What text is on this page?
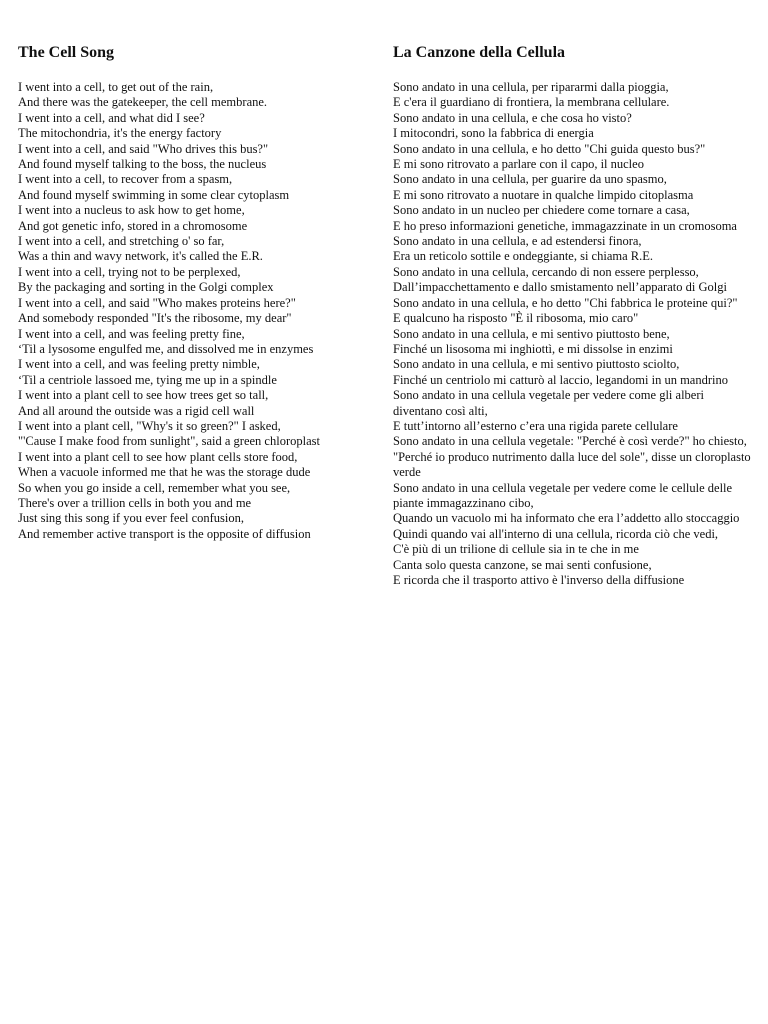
The Cell Song
I went into a cell, to get out of the rain,
And there was the gatekeeper, the cell membrane.
I went into a cell, and what did I see?
The mitochondria, it's the energy factory
I went into a cell, and said "Who drives this bus?"
And found myself talking to the boss, the nucleus
I went into a cell, to recover from a spasm,
And found myself swimming in some clear cytoplasm
I went into a nucleus to ask how to get home,
And got genetic info, stored in a chromosome
I went into a cell, and stretching o' so far,
Was a thin and wavy network, it's called the E.R.
I went into a cell, trying not to be perplexed,
By the packaging and sorting in the Golgi complex
I went into a cell, and said "Who makes proteins here?"
And somebody responded "It's the ribosome, my dear"
I went into a cell, and was feeling pretty fine,
‘Til a lysosome engulfed me, and dissolved me in enzymes
I went into a cell, and was feeling pretty nimble,
‘Til a centriole lassoed me, tying me up in a spindle
I went into a plant cell to see how trees get so tall,
And all around the outside was a rigid cell wall
I went into a plant cell, "Why's it so green?" I asked,
"'Cause I make food from sunlight", said a green chloroplast
I went into a plant cell to see how plant cells store food,
When a vacuole informed me that he was the storage dude
So when you go inside a cell, remember what you see,
There's over a trillion cells in both you and me
Just sing this song if you ever feel confusion,
And remember active transport is the opposite of diffusion
La Canzone della Cellula
Sono andato in una cellula, per ripararmi dalla pioggia,
E c'era il guardiano di frontiera, la membrana cellulare.
Sono andato in una cellula, e che cosa ho visto?
I mitocondri, sono la fabbrica di energia
Sono andato in una cellula, e ho detto "Chi guida questo bus?"
E mi sono ritrovato a parlare con il capo, il nucleo
Sono andato in una cellula, per guarire da uno spasmo,
E mi sono ritrovato a nuotare in qualche limpido citoplasma
Sono andato in un nucleo per chiedere come tornare a casa,
E ho preso informazioni genetiche, immagazzinate in un cromosoma
Sono andato in una cellula, e ad estendersi finora,
Era un reticolo sottile e ondeggiante, si chiama R.E.
Sono andato in una cellula, cercando di non essere perplesso,
Dall’impacchettamento e dallo smistamento nell’apparato di Golgi
Sono andato in una cellula, e ho detto "Chi fabbrica le proteine qui?"
E qualcuno ha risposto "È il ribosoma, mio caro"
Sono andato in una cellula, e mi sentivo piuttosto bene,
Finché un lisosoma mi inghiottì, e mi dissolse in enzimi
Sono andato in una cellula, e mi sentivo piuttosto sciolto,
Finché un centriolo mi catturò al laccio, legandomi in un mandrino
Sono andato in una cellula vegetale per vedere come gli alberi diventano così alti,
E tutt’intorno all’esterno c’era una rigida parete cellulare
Sono andato in una cellula vegetale: "Perché è così verde?" ho chiesto,
"Perché io produco nutrimento dalla luce del sole", disse un cloroplasto verde
Sono andato in una cellula vegetale per vedere come le cellule delle piante immagazzinano cibo,
Quando un vacuolo mi ha informato che era l’addetto allo stoccaggio
Quindi quando vai all'interno di una cellula, ricorda ciò che vedi,
C'è più di un trilione di cellule sia in te che in me
Canta solo questa canzone, se mai senti confusione,
E ricorda che il trasporto attivo è l'inverso della diffusione
